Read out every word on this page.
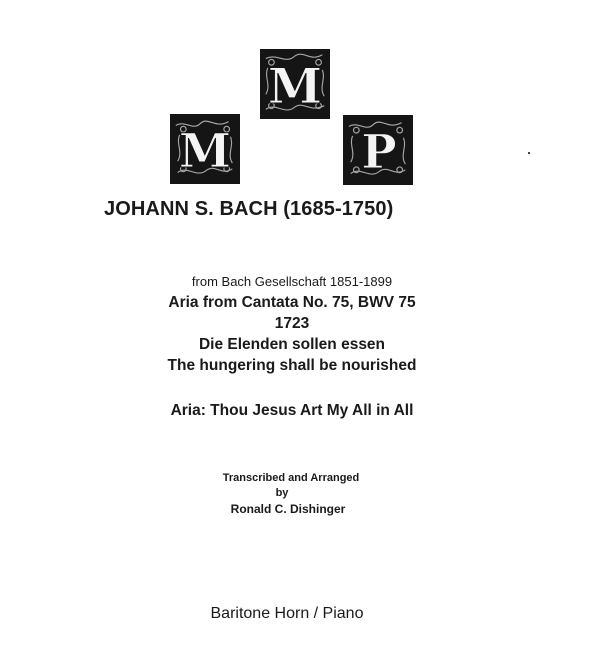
M
M
P
JOHANN S. BACH (1685-1750)
from Bach Gesellschaft 1851-1899
Aria from Cantata No. 75, BWV 75
1723
Die Elenden sollen essen
The hungering shall be nourished
Aria: Thou Jesus Art My All in All
Transcribed and Arranged
by
Ronald C. Dishinger
Baritone Horn / Piano
